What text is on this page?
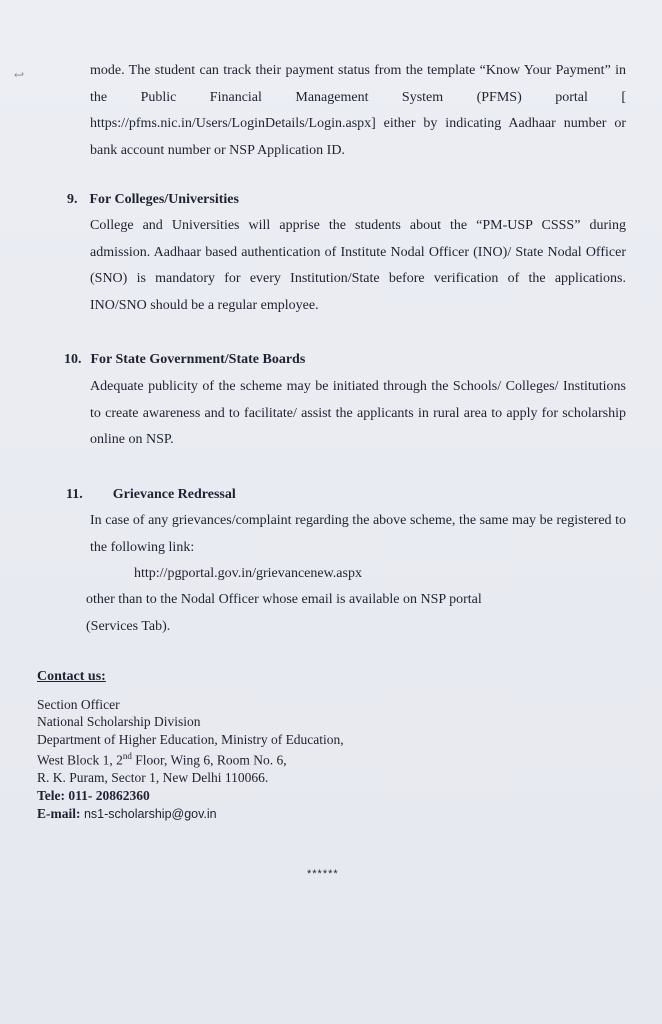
↩	mode. The student can track their payment status from the template “Know Your Payment” in the Public Financial Management System (PFMS) portal [ https://pfms.nic.in/Users/LoginDetails/Login.aspx] either by indicating Aadhaar number or bank account number or NSP Application ID.

9. For Colleges/Universities

College and Universities will apprise the students about the “PM-USP CSSS” during admission. Aadhaar based authentication of Institute Nodal Officer (INO)/ State Nodal Officer (SNO) is mandatory for every Institution/State before verification of the applications. INO/SNO should be a regular employee.

10. For State Government/State Boards

Adequate publicity of the scheme may be initiated through the Schools/ Colleges/ Institutions to create awareness and to facilitate/ assist the applicants in rural area to apply for scholarship online on NSP.

11. Grievance Redressal

In case of any grievances/complaint regarding the above scheme, the same may be registered to the following link:

http://pgportal.gov.in/grievancenew.aspx

other than to the Nodal Officer whose email is available on NSP portal

(Services Tab).

Contact us:
Section Officer
National Scholarship Division
Department of Higher Education, Ministry of Education,
West Block 1, 2nd Floor, Wing 6, Room No. 6,
R. K. Puram, Sector 1, New Delhi 110066.
Tele: 011- 20862360
E-mail: ns1-scholarship@gov.in
******
